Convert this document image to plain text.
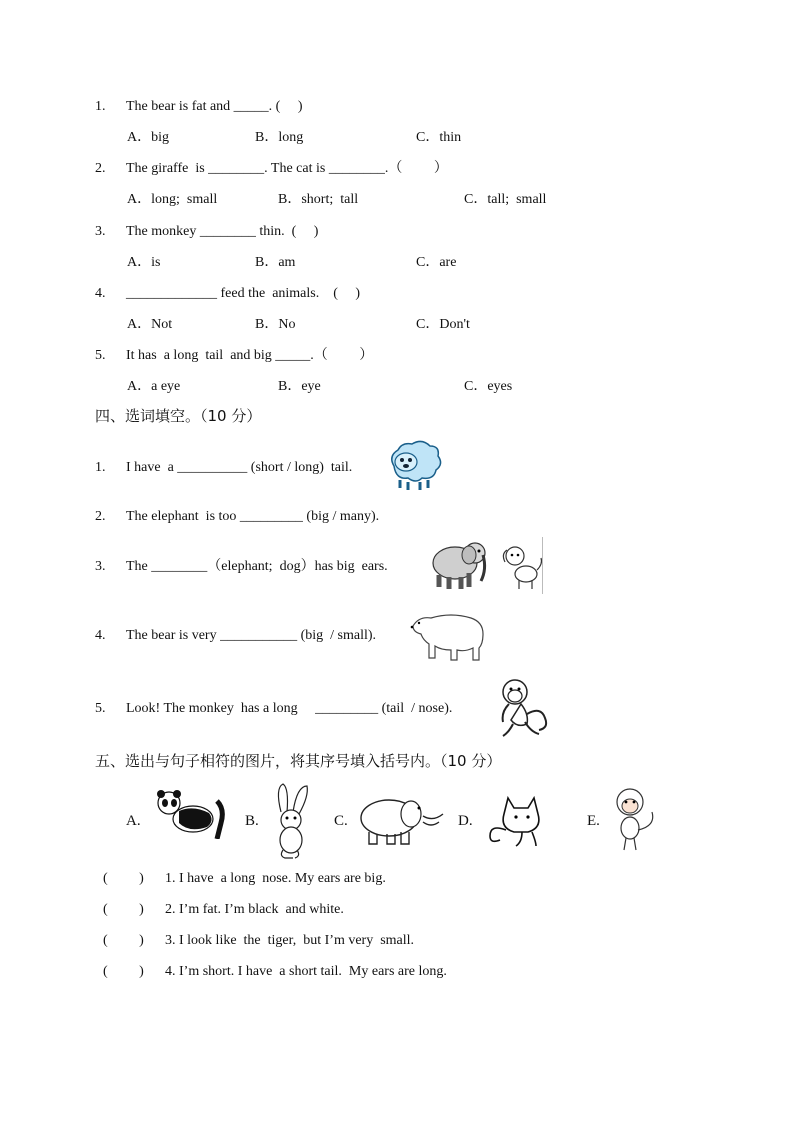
1. The bear is fat and _____. (     )
A．big	B．long	C．thin
2. The giraffe  is ________. The cat is ________.（         ）
A．long;  small	B．short;  tall	C．tall;  small
3. The monkey ________ thin.  (     )
A．is	B．am	C．are
4. _____________ feed the  animals.    (     )
A．Not	B．No	C．Don't
5. It has  a long  tail  and big _____.（         ）
A．a eye	B．eye	C．eyes
四、选词填空。（10 分）
1. I have  a __________ (short / long)  tail.
2. The elephant  is too _________ (big / many).
3. The ________（elephant;  dog）has big  ears.
4. The bear is very ___________ (big  / small).
5. Look! The monkey  has a long     _________ (tail  / nose).
五、选出与句子相符的图片，将其序号填入括号内。（10 分）
A.	B.	C.	D.	E.
(         ) 1. I have  a long  nose. My ears are big.
(         ) 2. I’m fat. I’m black  and white.
(         ) 3. I look like  the  tiger,  but I’m very  small.
(         ) 4. I’m short. I have  a short tail.  My ears are long.
